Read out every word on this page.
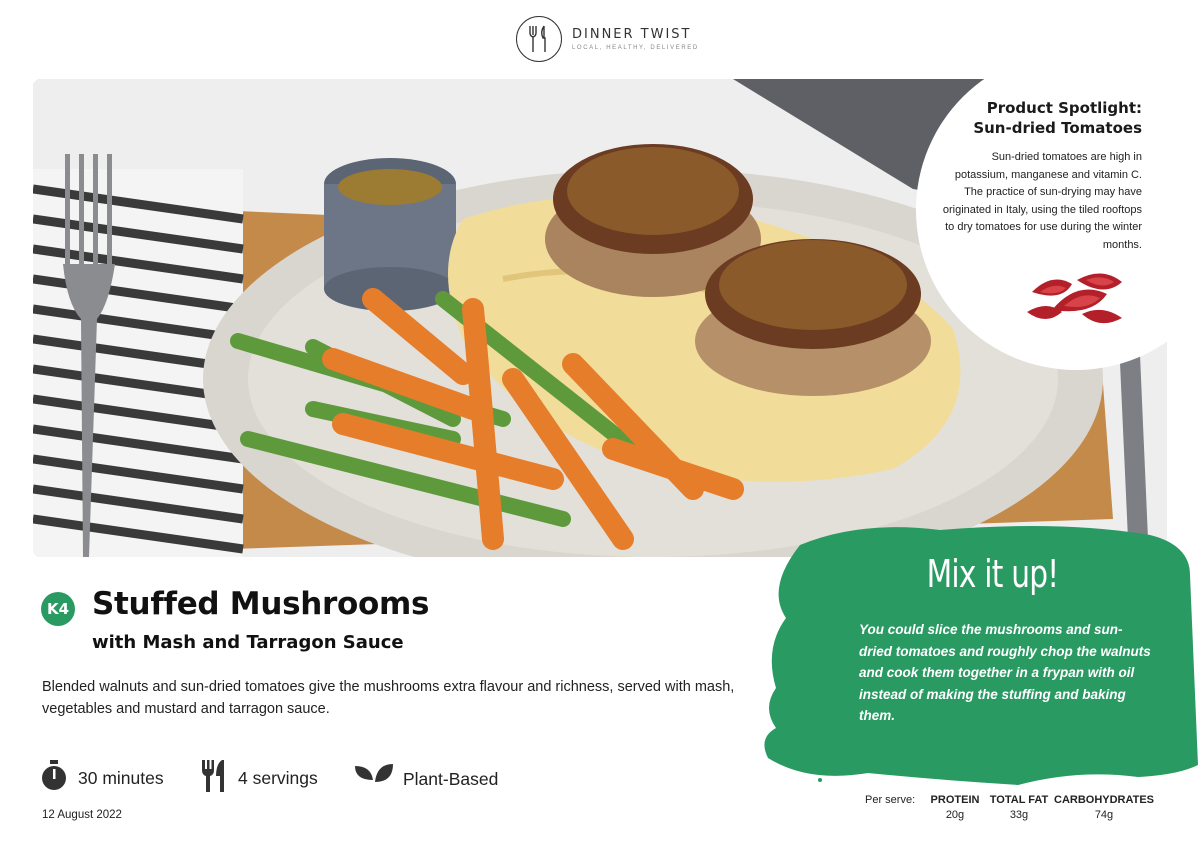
DINNER TWIST
LOCAL, HEALTHY, DELIVERED
Product Spotlight:
Sun-dried Tomatoes
Sun-dried tomatoes are high in potassium, manganese and vitamin C. The practice of sun-drying may have originated in Italy, using the tiled rooftops to dry tomatoes for use during the winter months.
K4 Stuffed Mushrooms
with Mash and Tarragon Sauce
Blended walnuts and sun-dried tomatoes give the mushrooms extra flavour and richness, served with mash, vegetables and mustard and tarragon sauce.
30 minutes	4 servings	Plant-Based
12 August 2022
Mix it up!
You could slice the mushrooms and sun-dried tomatoes and roughly chop the walnuts and cook them together in a frypan with oil instead of making the stuffing and baking them.
Per serve: PROTEIN
20g
TOTAL FAT
33g
CARBOHYDRATES
74g
